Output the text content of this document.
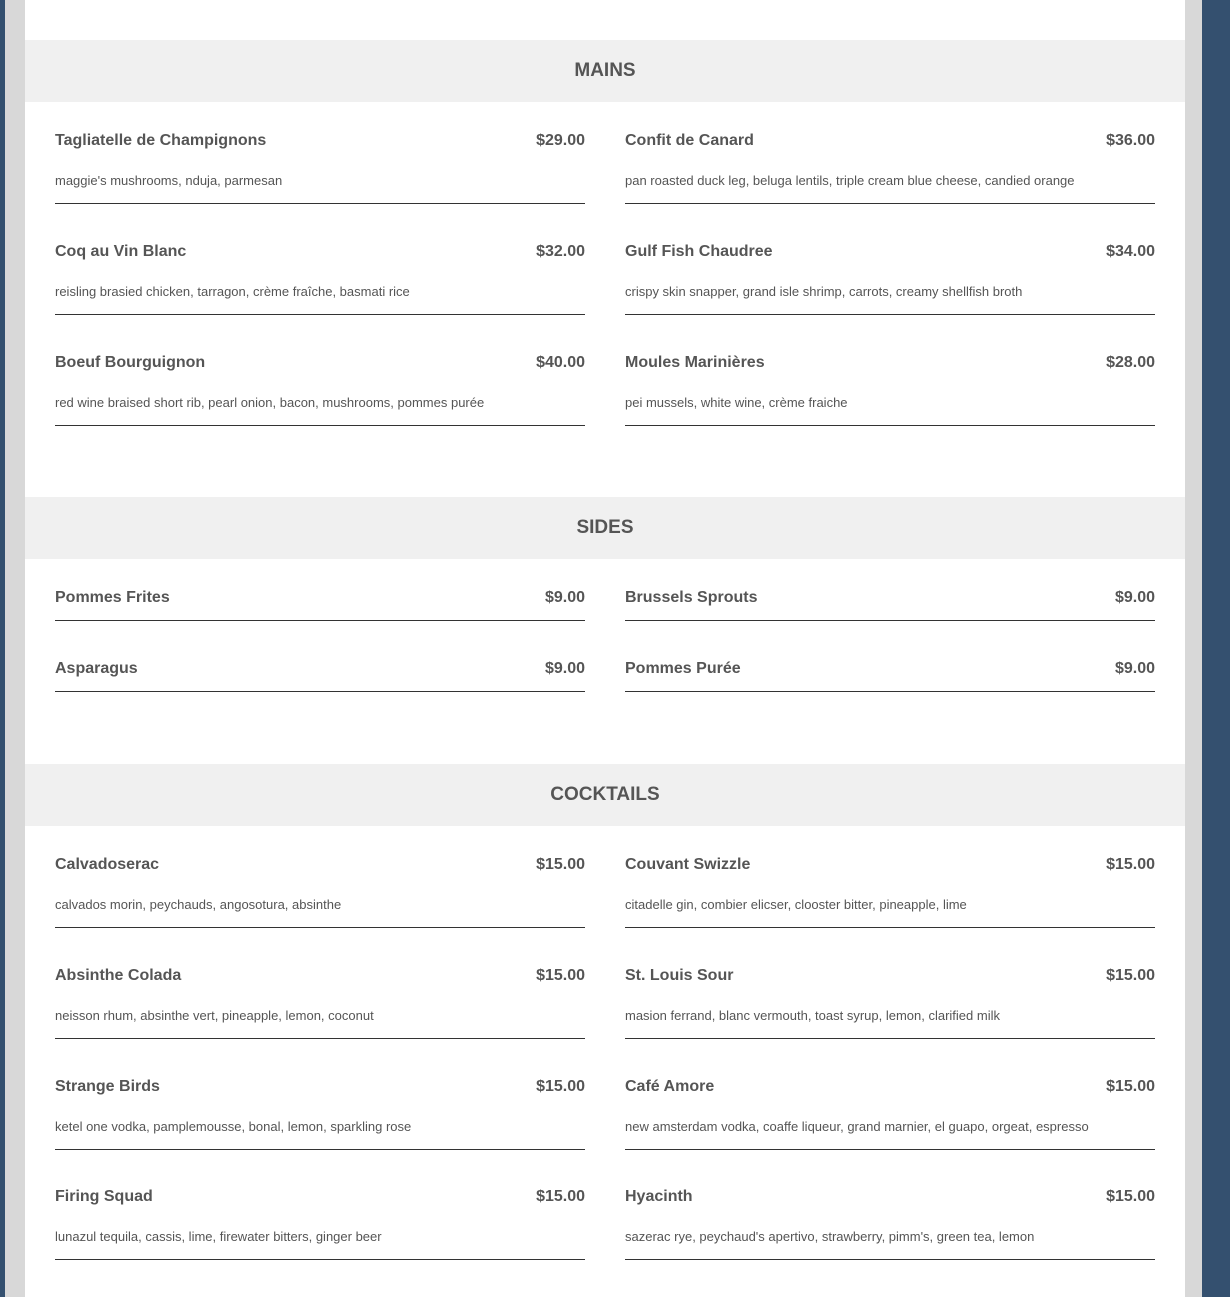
MAINS
Tagliatelle de Champignons	$29.00
maggie's mushrooms, nduja, parmesan
Confit de Canard	$36.00
pan roasted duck leg, beluga lentils, triple cream blue cheese, candied orange
Coq au Vin Blanc	$32.00
reisling brasied chicken, tarragon, crème fraîche, basmati rice
Gulf Fish Chaudree	$34.00
crispy skin snapper, grand isle shrimp, carrots, creamy shellfish broth
Boeuf Bourguignon	$40.00
red wine braised short rib, pearl onion, bacon, mushrooms, pommes purée
Moules Marinières	$28.00
pei mussels, white wine, crème fraiche
SIDES
Pommes Frites	$9.00	Brussels Sprouts	$9.00
Asparagus	$9.00	Pommes Purée	$9.00
COCKTAILS
Calvadoserac	$15.00
calvados morin, peychauds, angosotura, absinthe
Couvant Swizzle	$15.00
citadelle gin, combier elicser, clooster bitter, pineapple, lime
Absinthe Colada	$15.00
neisson rhum, absinthe vert, pineapple, lemon, coconut
St. Louis Sour	$15.00
masion ferrand, blanc vermouth, toast syrup, lemon, clarified milk
Strange Birds	$15.00
ketel one vodka, pamplemousse, bonal, lemon, sparkling rose
Café Amore	$15.00
new amsterdam vodka, coaffe liqueur, grand marnier, el guapo, orgeat, espresso
Firing Squad	$15.00
lunazul tequila, cassis, lime, firewater bitters, ginger beer
Hyacinth	$15.00
sazerac rye, peychaud's apertivo, strawberry, pimm's, green tea, lemon
